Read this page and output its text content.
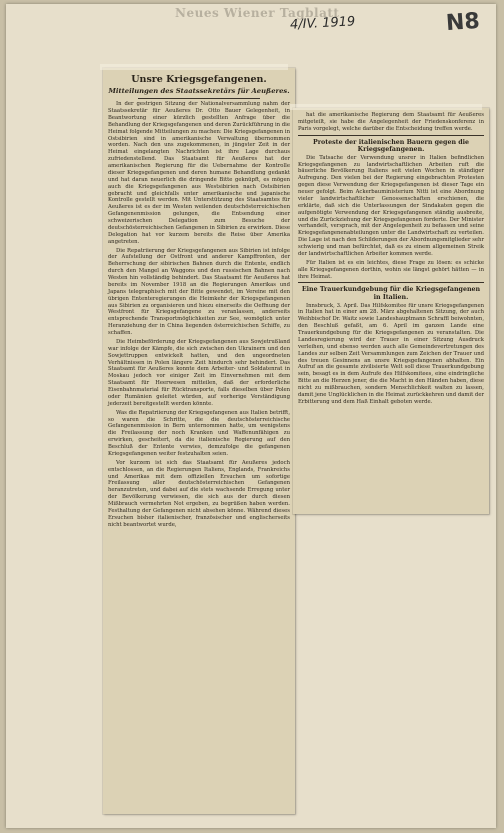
Neues Wiener Tagblatt
4/IV. 1919	N8
Unsre Kriegsgefangenen.
Mitteilungen des Staatssekretärs für Aeußeres.

In der gestrigen Sitzung der Nationalversammlung nahm der Staatssekretär für Aeußeres Dr. Otto Bauer Gelegenheit, in Beantwortung einer kürzlich gestellten Anfrage über die Behandlung der Kriegsgefangenen und deren Zurückführung in die Heimat folgende Mitteilungen zu machen: Die Kriegsgefangenen in Ostsibirien sind in amerikanische Verwaltung übernommen worden. Nach den uns zugekommenen, in jüngster Zeit in der Heimat eingelangten Nachrichten ist ihre Lage durchaus zufriedenstellend. Das Staatsamt für Aeußeres hat der amerikanischen Regierung für die Uebernahme der Kontrolle dieser Kriegsgefangenen und deren humane Behandlung gedankt und hat daran neuerlich die dringende Bitte geknüpft, es mögen auch die Kriegsgefangenen aus Westsibirien nach Ostsibirien gebracht und gleichfalls unter amerikanische und japanische Kontrolle gestellt werden. Mit Unterstützung des Staatsamtes für Aeußeres ist es der im Westen weilenden deutschösterreichischen Gefangenenmission gelungen, die Entsendung einer schweizerischen Delegation zum Besuche der deutschösterreichischen Gefangenen in Sibirien zu erwirken. Diese Delegation hat vor kurzem bereits die Reise über Amerika angetreten.

Die Repatriierung der Kriegsgefangenen aus Sibirien ist infolge der Aufstellung der Ostfront und anderer Kampffronten, der Beherrschung der sibirischen Bahnen durch die Entente, endlich durch den Mangel an Waggons und den russischen Bahnen nach Westen hin vollständig behindert. Das Staatsamt für Aeußeres hat bereits im November 1918 an die Regierungen Amerikas und Japans telegraphisch mit der Bitte gewendet, im Vereine mit den übrigen Ententeregierungen die Heimkehr der Kriegsgefangenen aus Sibirien zu organisieren und hiezu einerseits die Oeffnung der Westfront für Kriegsgefangene zu veranlassen, anderseits entsprechende Transportmöglichkeiten zur See, womöglich unter Heranziehung der in China liegenden österreichischen Schiffe, zu schaffen.

Die Heimbeförderung der Kriegsgefangenen aus Sowjetrußland war infolge der Kämpfe, die sich zwischen den Ukrainern und den Sowjettruppen entwickelt hatten, und den ungeordneten Verhältnissen in Polen längere Zeit hindurch sehr behindert. Das Staatsamt für Aeußeres konnte dem Arbeiter- und Soldatenrat in Moskau jedoch vor einiger Zeit im Einvernehmen mit dem Staatsamt für Heerwesen mitteilen, daß der erforderliche Eisenbahnmaterial für Rücktransporte, falls dieselben über Polen oder Rumänien geleitet würden, auf vorherige Verständigung jederzeit bereitgestellt werden könnte.

Was die Repatriierung der Kriegsgefangenen aus Italien betrifft, so waren die Schritte, die die deutschösterreichische Gefangenenmission in Bern unternommen hatte, um wenigstens die Freilassung der noch Kranken und Waffenunfähigen zu erwirken, gescheitert, da die italienische Regierung auf den Beschluß der Entente verwies, demzufolge die gefangenen Kriegsgefangenen weiter festzuhalten seien.

Vor kurzem ist sich das Staatsamt für Aeußeres jedoch entschlossen, an die Regierungen Italiens, Englands, Frankreichs und Amerikas mit dem offiziellen Ersuchen um sofortige Freilassung aller deutschösterreichischen Gefangenen heranzutreten, und dabei auf die stets wachsende Erregung unter der Bevölkerung verwiesen, die sich aus der durch diesen Mißbrauch vermehrten Not ergeben, zu begrüßen haben werden. Festhaltung der Gefangenen nicht absehen könne. Während dieses Ersuchen bisher italienischer, französischer und englischerseits nicht beantwortet wurde,

hat die amerikanische Regierung dem Staatsamt für Aeußeres mitgeteilt, sie habe die Angelegenheit der Friedenskonferenz in Paris vorgelegt, welche darüber die Entscheidung treffen werde.

Proteste der italienischen Bauern gegen die Kriegsgefangenen.

Die Tatsache der Verwendung unsrer in Italien befindlichen Kriegsgefangenen zu landwirtschaftlichen Arbeiten ruft die bäuerliche Bevölkerung Italiens seit vielen Wochen in ständiger Aufregung. Den vielen bei der Regierung eingebrachten Protesten gegen diese Verwendung der Kriegsgefangenen ist dieser Tage ein neuer gefolgt. Beim Ackerbauministerium Nitti ist eine Abordnung vieler landwirtschaftlicher Genossenschaften erschienen, die erklärte, daß sich die Unterlassungen der Sindakaten gegen die aufgenötigte Verwendung der Kriegsgefangenen ständig ausbreite, und die Zurückziehung der Kriegsgefangenen forderte. Der Minister verhandelt, versprach, mit der Angelegenheit zu befassen und seine Kriegsgefangenenabteilungen unter die Landwirtschaft zu verteilen. Die Lage ist nach den Schilderungen der Abordnungsmitglieder sehr schwierig und man befürchtet, daß es zu einem allgemeinen Streik der landwirtschaftlichen Arbeiter kommen werde.

Für Italien ist es ein leichtes, diese Frage zu lösen: es schicke alle Kriegsgefangenen dorthin, wohin sie längst gehört hätten — in ihre Heimat.

Eine Trauerkundgebung für die Kriegsgefangenen in Italien.

Innsbruck, 3. April. Das Hilfskomitee für unsre Kriegsgefangenen in Italien hat in einer am 28. März abgehaltenen Sitzung, der auch Weihbischof Dr. Waitz sowie Landeshauptmann Schraffl beiwohnten, den Beschluß gefaßt, am 6. April im ganzen Lande eine Trauerkundgebung für die Kriegsgefangenen zu veranstalten. Die Landesregierung wird der Trauer in einer Sitzung Ausdruck verleihen, und ebenso werden auch alle Gemeindevertretungen des Landes zur selben Zeit Versammlungen zum Zeichen der Trauer und des treuen Gesinnens an unsre Kriegsgefangenen abhalten. Ein Aufruf an die gesamte zivilisierte Welt soll diese Trauerkundgebung sein, besagt es in dem Aufrufe des Hilfskomitees, eine eindringliche Bitte an die Herzen jener, die die Macht in den Händen haben, diese nicht zu mißbrauchen, sondern Menschlichkeit walten zu lassen, damit jene Unglücklichen in die Heimat zurückkehren und damit der Erbitterung und dem Haß Einhalt geboten werde.
